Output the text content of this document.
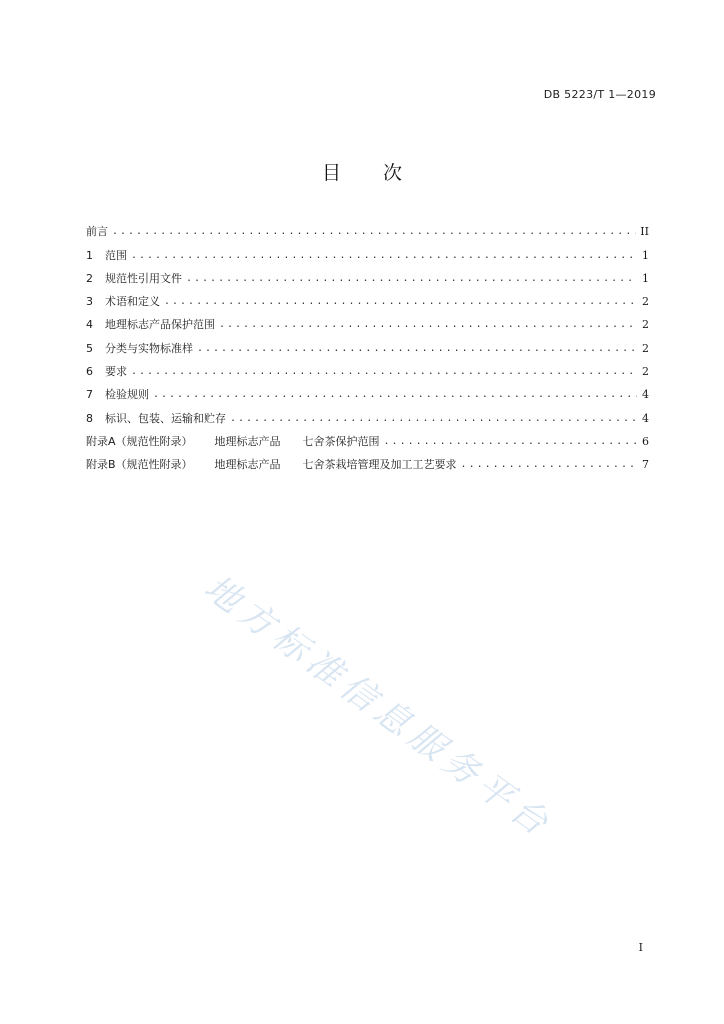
DB 5223/T 1—2019
目 次
前言 .....	II
1	范围 .....	1
2	规范性引用文件 .....	1
3	术语和定义 .....	2
4	地理标志产品保护范围 .....	2
5	分类与实物标准样 .....	2
6	要求 .....	2
7	检验规则 .....	4
8	标识、包装、运输和贮存 .....	4
附录A（规范性附录） 地理标志产品 七舍茶保护范围 .....	6
附录B（规范性附录） 地理标志产品 七舍茶栽培管理及加工工艺要求 .....	7
地方标准信息服务平台
I
